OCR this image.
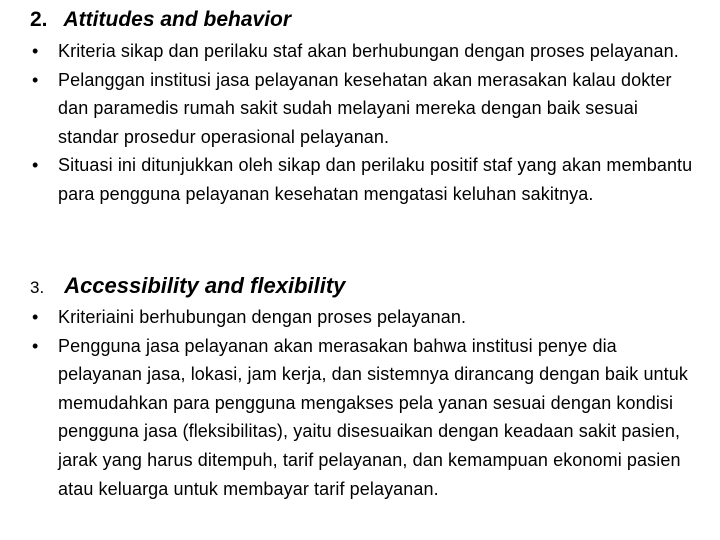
2. Attitudes and behavior
• Kriteria sikap dan perilaku staf akan berhubungan dengan proses pelayanan.
• Pelanggan institusi jasa pelayanan kesehatan akan merasakan kalau dokter dan paramedis rumah sakit sudah melayani mereka dengan baik sesuai standar prosedur operasional pelayanan.
• Situasi ini ditunjukkan oleh sikap dan perilaku positif staf yang akan membantu para pengguna pelayanan kesehatan mengatasi keluhan sakitnya.
3. Accessibility and flexibility
• Kriteriaini berhubungan dengan proses pelayanan.
• Pengguna jasa pelayanan akan merasakan bahwa institusi penye dia pelayanan jasa, lokasi, jam kerja, dan sistemnya dirancang dengan baik untuk memudahkan para pengguna mengakses pela yanan sesuai dengan kondisi pengguna jasa (fleksibilitas), yaitu disesuaikan dengan keadaan sakit pasien, jarak yang harus ditempuh, tarif pelayanan, dan kemampuan ekonomi pasien atau keluarga untuk membayar tarif pelayanan.
